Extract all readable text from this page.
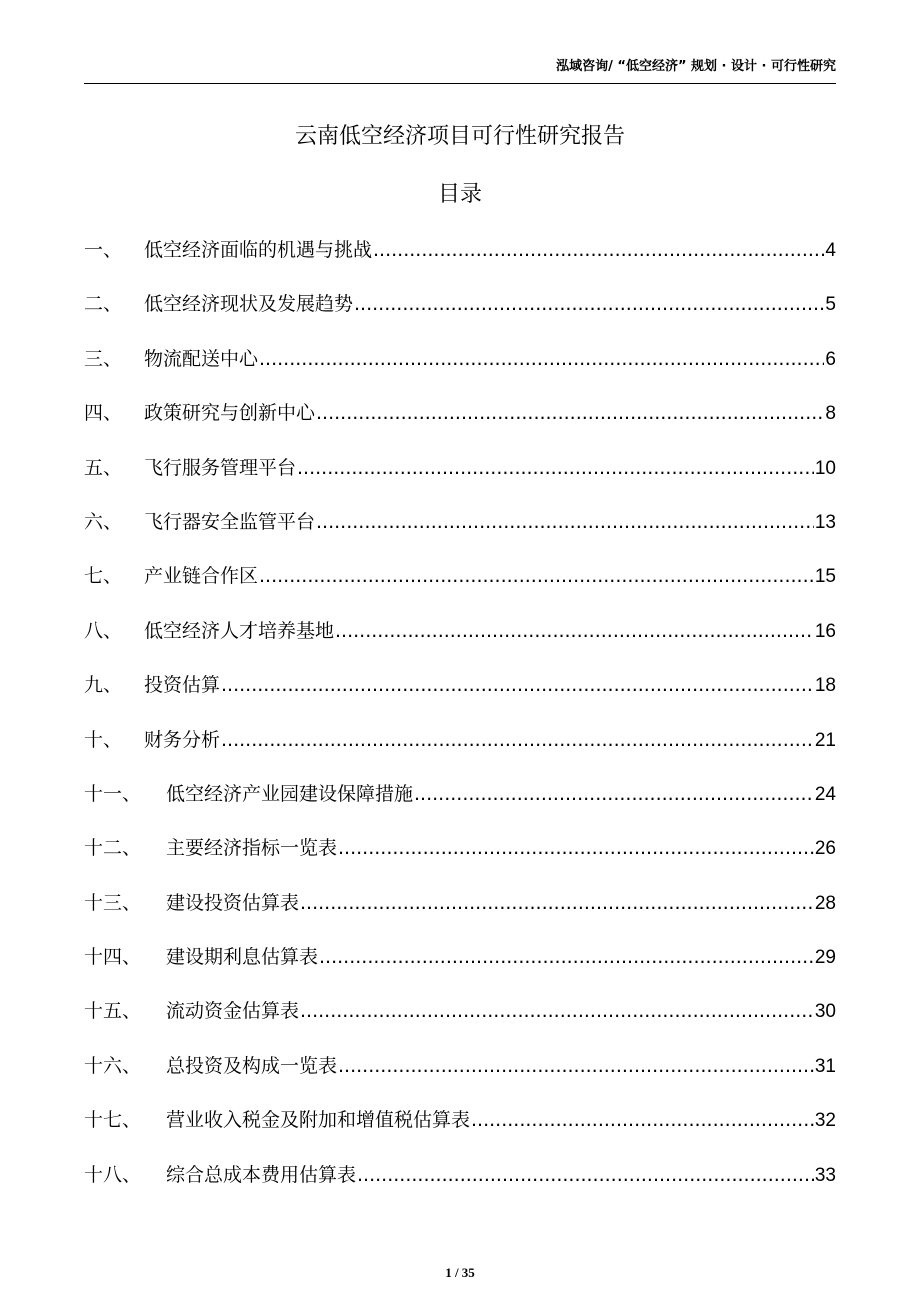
泓域咨询/ “低空经济” 规划 · 设计 · 可行性研究
云南低空经济项目可行性研究报告
目录
一、	低空经济面临的机遇与挑战 .....	4
二、	低空经济现状及发展趋势 .....	5
三、	物流配送中心 .....	6
四、	政策研究与创新中心 .....	8
五、	飞行服务管理平台 .....	10
六、	飞行器安全监管平台 .....	13
七、	产业链合作区 .....	15
八、	低空经济人才培养基地 .....	16
九、	投资估算 .....	18
十、	财务分析 .....	21
十一、	低空经济产业园建设保障措施 .....	24
十二、	主要经济指标一览表 .....	26
十三、	建设投资估算表 .....	28
十四、	建设期利息估算表 .....	29
十五、	流动资金估算表 .....	30
十六、	总投资及构成一览表 .....	31
十七、	营业收入税金及附加和增值税估算表 .....	32
十八、	综合总成本费用估算表 .....	33
1 / 35
